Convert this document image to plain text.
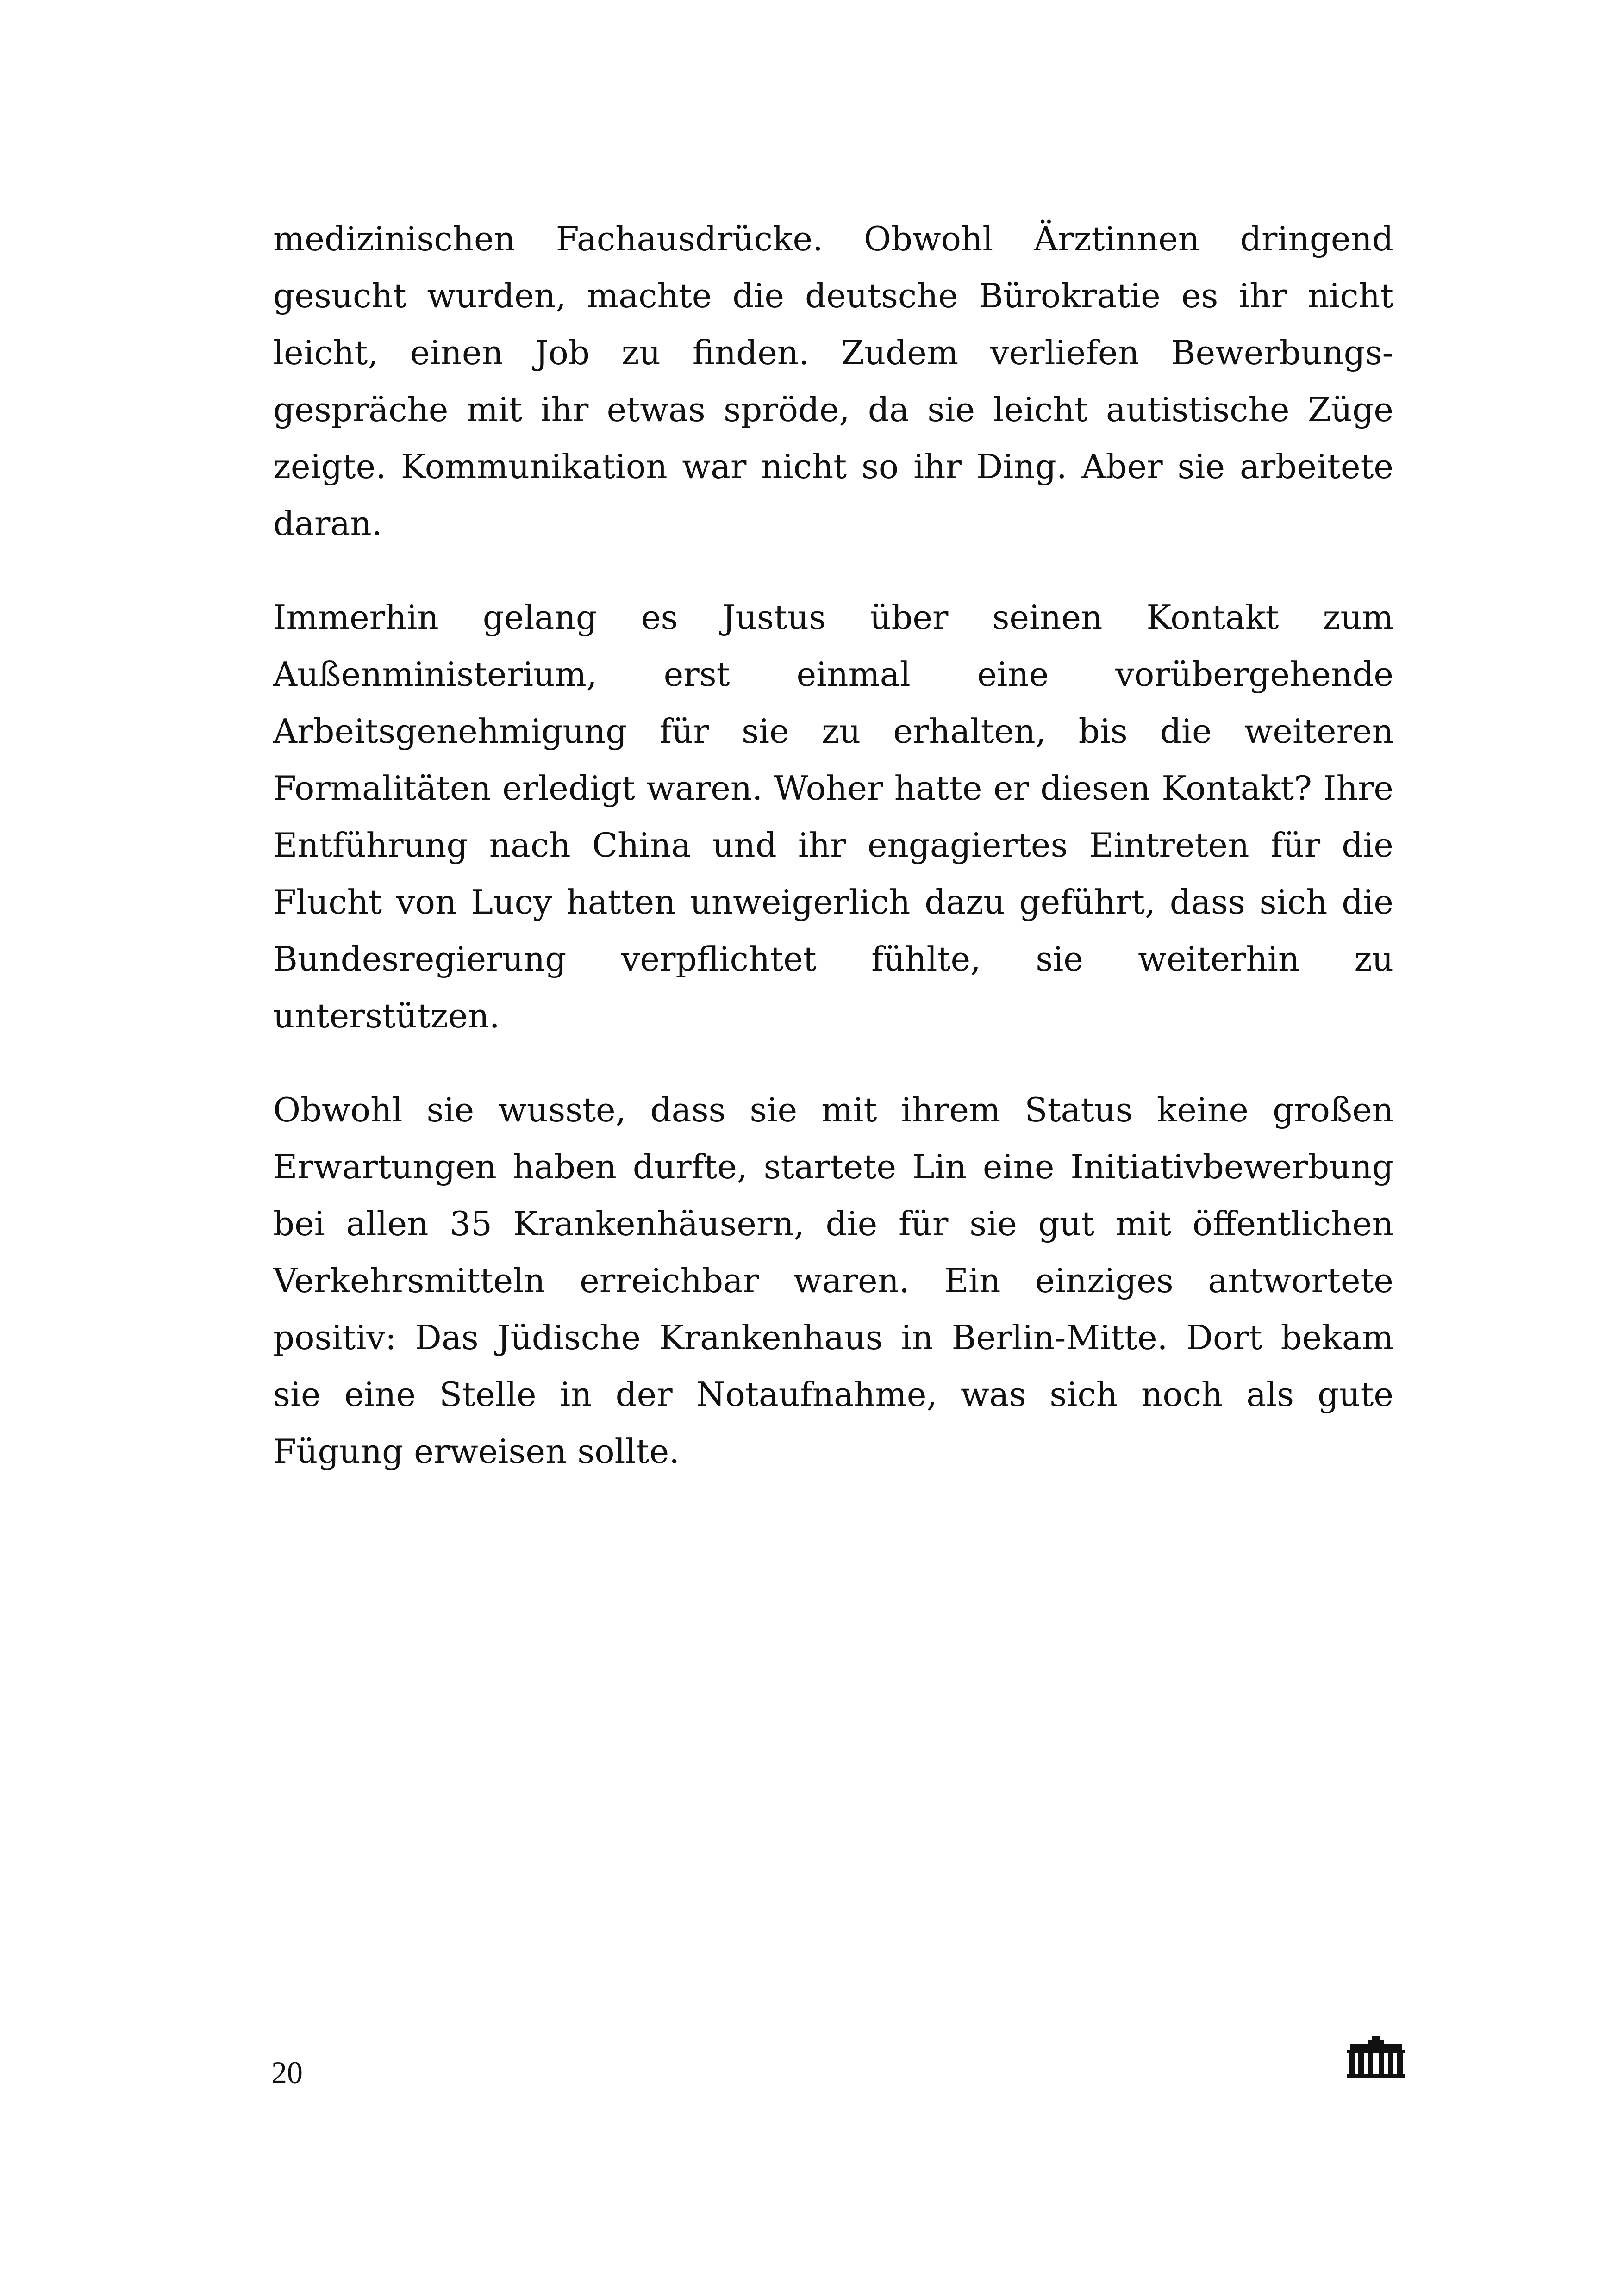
medizinischen Fachausdrücke. Obwohl Ärztinnen dringend gesucht wurden, machte die deutsche Bürokratie es ihr nicht leicht, einen Job zu finden. Zudem verliefen Bewerbungsgespräche mit ihr etwas spröde, da sie leicht autistische Züge zeigte. Kommunikation war nicht so ihr Ding. Aber sie arbeitete daran.

Immerhin gelang es Justus über seinen Kontakt zum Außenministerium, erst einmal eine vorübergehende Arbeitsgenehmigung für sie zu erhalten, bis die weiteren Formalitäten erledigt waren. Woher hatte er diesen Kontakt? Ihre Entführung nach China und ihr engagiertes Eintreten für die Flucht von Lucy hatten unweigerlich dazu geführt, dass sich die Bundesregierung verpflichtet fühlte, sie weiterhin zu unterstützen.

Obwohl sie wusste, dass sie mit ihrem Status keine großen Erwartungen haben durfte, startete Lin eine Initiativbewerbung bei allen 35 Krankenhäusern, die für sie gut mit öffentlichen Verkehrsmitteln erreichbar waren. Ein einziges antwortete positiv: Das Jüdische Krankenhaus in Berlin-Mitte. Dort bekam sie eine Stelle in der Notaufnahme, was sich noch als gute Fügung erweisen sollte.

20
